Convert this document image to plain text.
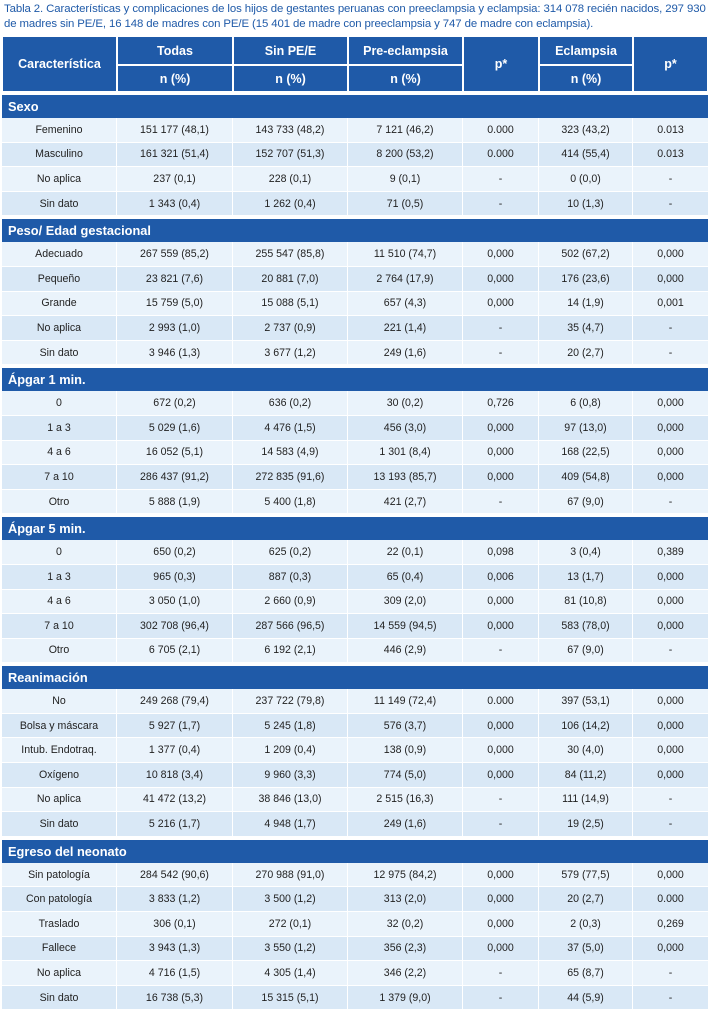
Tabla 2. Características y complicaciones de los hijos de gestantes peruanas con preeclampsia y eclampsia: 314 078 recién nacidos, 297 930 de madres sin PE/E, 16 148 de madres con PE/E (15 401 de madre con preeclampsia y 747 de madre con eclampsia).
Característica	Todas	Sin PE/E	Pre-eclampsia	p*	Eclampsia	p*
	n (%)	n (%)	n (%)		n (%)	
Sexo						
Femenino	151 177 (48,1)	143 733 (48,2)	7 121 (46,2)	0.000	323 (43,2)	0.013
Masculino	161 321 (51,4)	152 707 (51,3)	8 200 (53,2)	0.000	414 (55,4)	0.013
No aplica	237 (0,1)	228 (0,1)	9 (0,1)	-	0 (0,0)	-
Sin dato	1 343 (0,4)	1 262 (0,4)	71 (0,5)	-	10 (1,3)	-
Peso/ Edad gestacional						
Adecuado	267 559 (85,2)	255 547 (85,8)	11 510 (74,7)	0,000	502 (67,2)	0,000
Pequeño	23 821 (7,6)	20 881 (7,0)	2 764 (17,9)	0,000	176 (23,6)	0,000
Grande	15 759 (5,0)	15 088 (5,1)	657 (4,3)	0,000	14 (1,9)	0,001
No aplica	2 993 (1,0)	2 737 (0,9)	221 (1,4)	-	35 (4,7)	-
Sin dato	3 946 (1,3)	3 677 (1,2)	249 (1,6)	-	20 (2,7)	-
Ápgar 1 min.						
0	672 (0,2)	636 (0,2)	30 (0,2)	0,726	6 (0,8)	0,000
1 a 3	5 029 (1,6)	4 476 (1,5)	456 (3,0)	0,000	97 (13,0)	0,000
4 a 6	16 052 (5,1)	14 583 (4,9)	1 301 (8,4)	0,000	168 (22,5)	0,000
7 a 10	286 437 (91,2)	272 835 (91,6)	13 193 (85,7)	0,000	409 (54,8)	0,000
Otro	5 888 (1,9)	5 400 (1,8)	421 (2,7)	-	67 (9,0)	-
Ápgar 5 min.						
0	650 (0,2)	625 (0,2)	22 (0,1)	0,098	3 (0,4)	0,389
1 a 3	965 (0,3)	887 (0,3)	65 (0,4)	0,006	13 (1,7)	0,000
4 a 6	3 050 (1,0)	2 660 (0,9)	309 (2,0)	0,000	81 (10,8)	0,000
7 a 10	302 708 (96,4)	287 566 (96,5)	14 559 (94,5)	0,000	583 (78,0)	0,000
Otro	6 705 (2,1)	6 192 (2,1)	446 (2,9)	-	67 (9,0)	-
Reanimación						
No	249 268 (79,4)	237 722 (79,8)	11 149 (72,4)	0.000	397 (53,1)	0,000
Bolsa y máscara	5 927 (1,7)	5 245 (1,8)	576 (3,7)	0,000	106 (14,2)	0,000
Intub. Endotraq.	1 377 (0,4)	1 209 (0,4)	138 (0,9)	0,000	30 (4,0)	0,000
Oxígeno	10 818 (3,4)	9 960 (3,3)	774 (5,0)	0,000	84 (11,2)	0,000
No aplica	41 472 (13,2)	38 846 (13,0)	2 515 (16,3)	-	111 (14,9)	-
Sin dato	5 216 (1,7)	4 948 (1,7)	249 (1,6)	-	19 (2,5)	-
Egreso del neonato						
Sin patología	284 542 (90,6)	270 988 (91,0)	12 975 (84,2)	0,000	579 (77,5)	0,000
Con patología	3 833 (1,2)	3 500 (1,2)	313 (2,0)	0,000	20 (2,7)	0.000
Traslado	306 (0,1)	272 (0,1)	32 (0,2)	0,000	2 (0,3)	0,269
Fallece	3 943 (1,3)	3 550 (1,2)	356 (2,3)	0,000	37 (5,0)	0,000
No aplica	4 716 (1,5)	4 305 (1,4)	346 (2,2)	-	65 (8,7)	-
Sin dato	16 738 (5,3)	15 315 (5,1)	1 379 (9,0)	-	44 (5,9)	-
